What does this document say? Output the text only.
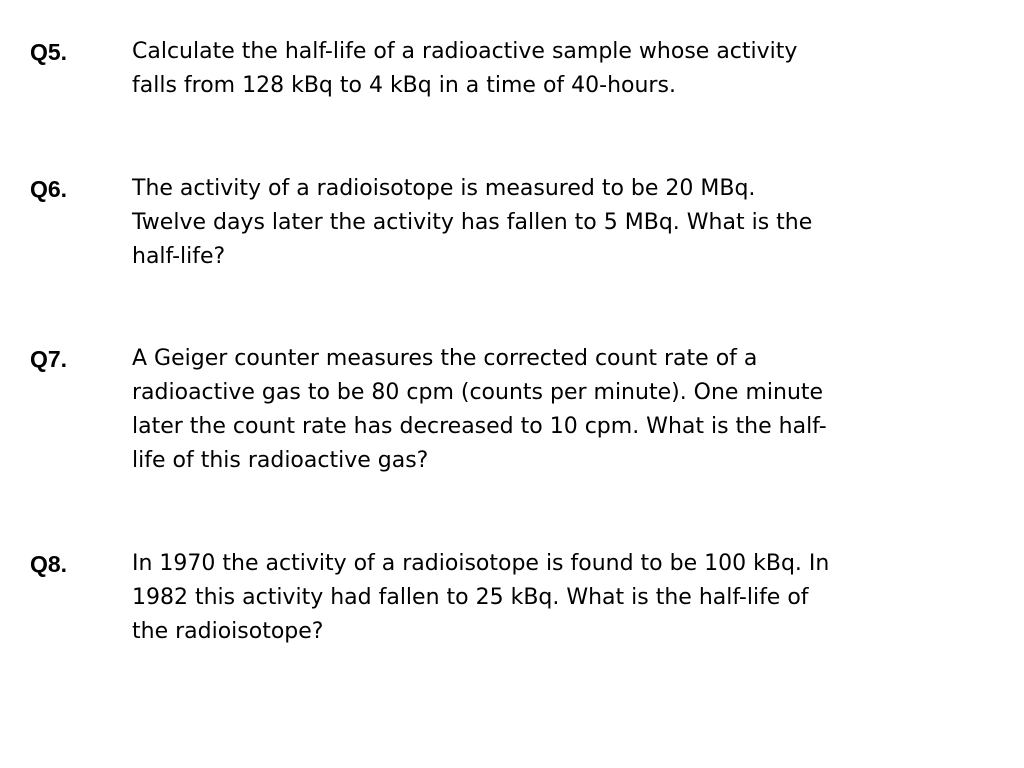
Q5.	Calculate the half-life of a radioactive sample whose activity
falls from 128 kBq to 4 kBq in a time of 40-hours.
Q6.	The activity of a radioisotope is measured to be 20 MBq.
Twelve days later the activity has fallen to 5 MBq. What is the
half-life?
Q7.	A Geiger counter measures the corrected count rate of a
radioactive gas to be 80 cpm (counts per minute). One minute
later the count rate has decreased to 10 cpm. What is the half-
life of this radioactive gas?
Q8.	In 1970 the activity of a radioisotope is found to be 100 kBq. In
1982 this activity had fallen to 25 kBq. What is the half-life of
the radioisotope?
